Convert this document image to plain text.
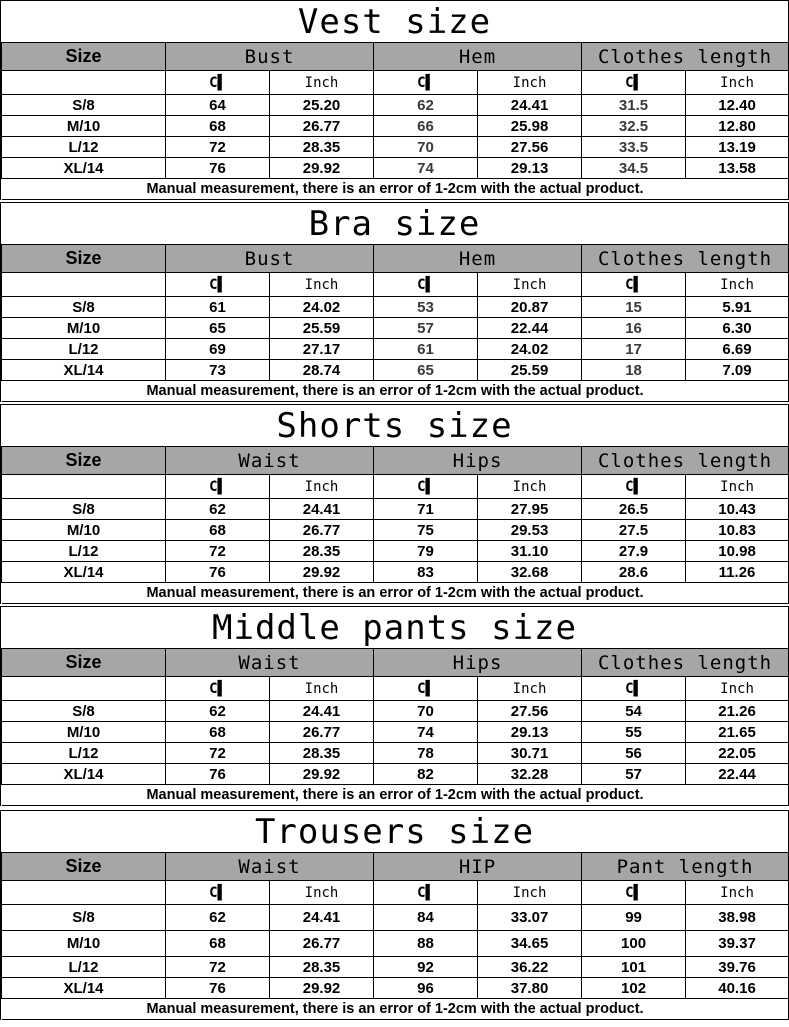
Vest size
Size	Bust		Hem		Clothes length	
	C▌	Inch	C▌	Inch	C▌	Inch
S/8	64	25.20	62	24.41	31.5	12.40
M/10	68	26.77	66	25.98	32.5	12.80
L/12	72	28.35	70	27.56	33.5	13.19
XL/14	76	29.92	74	29.13	34.5	13.58
Manual measurement, there is an error of 1-2cm with the actual product.						
Bra size
Size	Bust		Hem		Clothes length	
	C▌	Inch	C▌	Inch	C▌	Inch
S/8	61	24.02	53	20.87	15	5.91
M/10	65	25.59	57	22.44	16	6.30
L/12	69	27.17	61	24.02	17	6.69
XL/14	73	28.74	65	25.59	18	7.09
Manual measurement, there is an error of 1-2cm with the actual product.						
Shorts size
Size	Waist		Hips		Clothes length	
	C▌	Inch	C▌	Inch	C▌	Inch
S/8	62	24.41	71	27.95	26.5	10.43
M/10	68	26.77	75	29.53	27.5	10.83
L/12	72	28.35	79	31.10	27.9	10.98
XL/14	76	29.92	83	32.68	28.6	11.26
Manual measurement, there is an error of 1-2cm with the actual product.						
Middle pants size
Size	Waist		Hips		Clothes length	
	C▌	Inch	C▌	Inch	C▌	Inch
S/8	62	24.41	70	27.56	54	21.26
M/10	68	26.77	74	29.13	55	21.65
L/12	72	28.35	78	30.71	56	22.05
XL/14	76	29.92	82	32.28	57	22.44
Manual measurement, there is an error of 1-2cm with the actual product.						
Trousers size
Size	Waist		HIP		Pant length	
	C▌	Inch	C▌	Inch	C▌	Inch
S/8	62	24.41	84	33.07	99	38.98
M/10	68	26.77	88	34.65	100	39.37
L/12	72	28.35	92	36.22	101	39.76
XL/14	76	29.92	96	37.80	102	40.16
Manual measurement, there is an error of 1-2cm with the actual product.						
